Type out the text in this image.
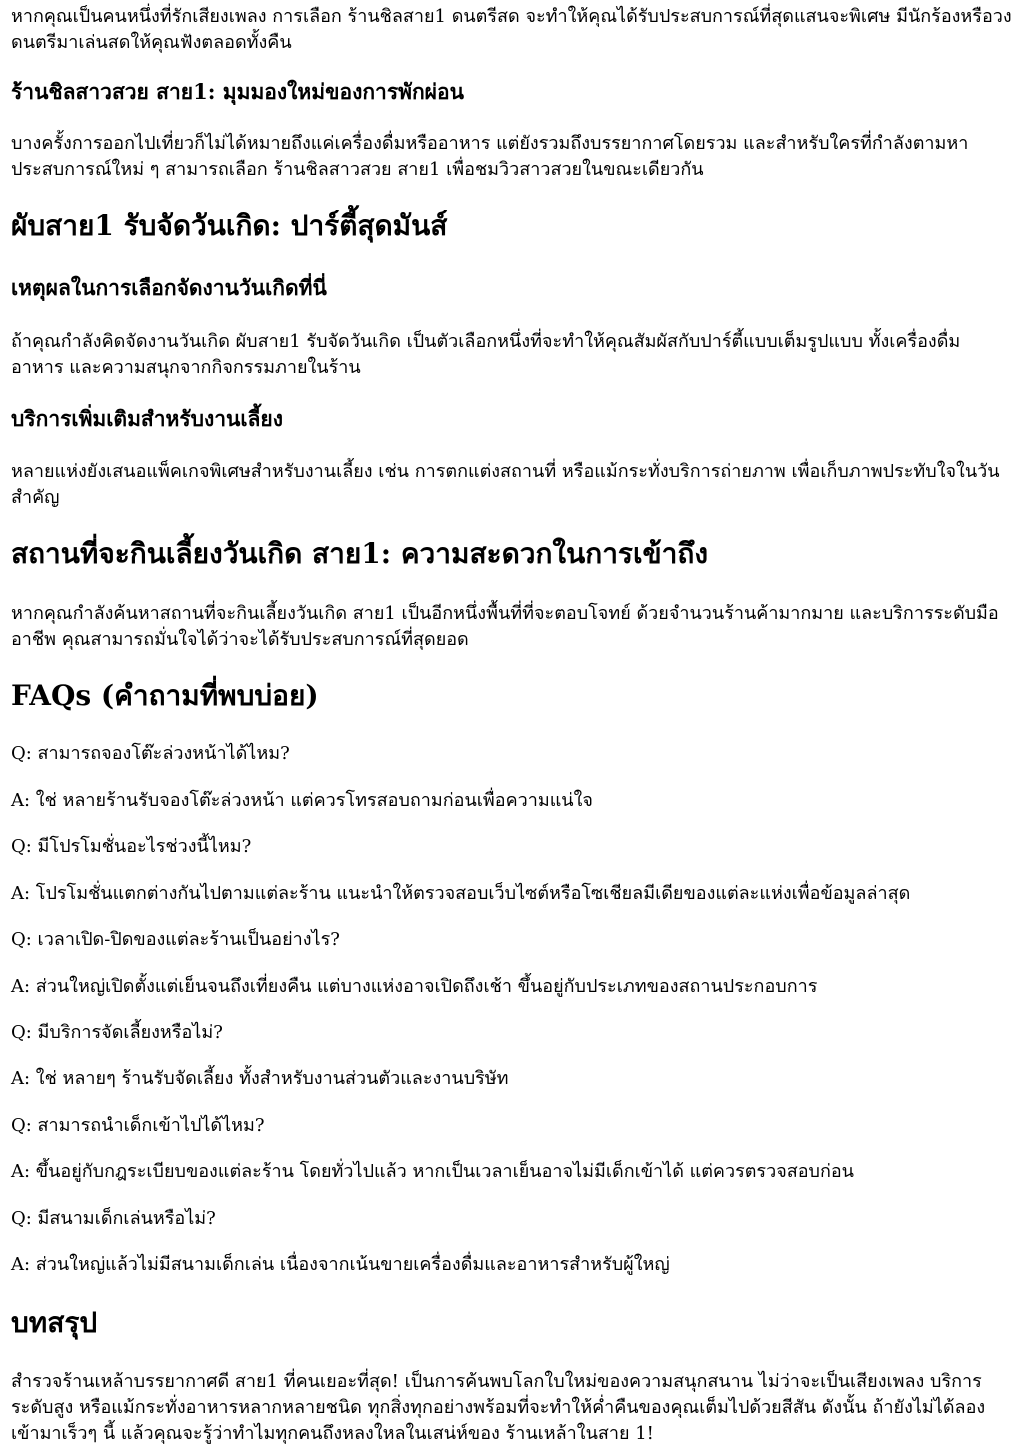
หากคุณเป็นคนหนึ่งที่รักเสียงเพลง การเลือก ร้านชิลสาย1 ดนตรีสด จะทำให้คุณได้รับประสบการณ์ที่สุดแสนจะพิเศษ มีนักร้องหรือวงดนตรีมาเล่นสดให้คุณฟังตลอดทั้งคืน

ร้านชิลสาวสวย สาย1: มุมมองใหม่ของการพักผ่อน

บางครั้งการออกไปเที่ยวก็ไม่ได้หมายถึงแค่เครื่องดื่มหรืออาหาร แต่ยังรวมถึงบรรยากาศโดยรวม และสำหรับใครที่กำลังตามหาประสบการณ์ใหม่ ๆ สามารถเลือก ร้านชิลสาวสวย สาย1 เพื่อชมวิวสาวสวยในขณะเดียวกัน

ผับสาย1 รับจัดวันเกิด: ปาร์ตี้สุดมันส์
เหตุผลในการเลือกจัดงานวันเกิดที่นี่

ถ้าคุณกำลังคิดจัดงานวันเกิด ผับสาย1 รับจัดวันเกิด เป็นตัวเลือกหนึ่งที่จะทำให้คุณสัมผัสกับปาร์ตี้แบบเต็มรูปแบบ ทั้งเครื่องดื่ม อาหาร และความสนุกจากกิจกรรมภายในร้าน

บริการเพิ่มเติมสำหรับงานเลี้ยง

หลายแห่งยังเสนอแพ็คเกจพิเศษสำหรับงานเลี้ยง เช่น การตกแต่งสถานที่ หรือแม้กระทั่งบริการถ่ายภาพ เพื่อเก็บภาพประทับใจในวันสำคัญ

สถานที่จะกินเลี้ยงวันเกิด สาย1: ความสะดวกในการเข้าถึง

หากคุณกำลังค้นหาสถานที่จะกินเลี้ยงวันเกิด สาย1 เป็นอีกหนึ่งพื้นที่ที่จะตอบโจทย์ ด้วยจำนวนร้านค้ามากมาย และบริการระดับมืออาชีพ คุณสามารถมั่นใจได้ว่าจะได้รับประสบการณ์ที่สุดยอด

FAQs (คำถามที่พบบ่อย)

Q: สามารถจองโต๊ะล่วงหน้าได้ไหม?

A: ใช่ หลายร้านรับจองโต๊ะล่วงหน้า แต่ควรโทรสอบถามก่อนเพื่อความแน่ใจ

Q: มีโปรโมชั่นอะไรช่วงนี้ไหม?

A: โปรโมชั่นแตกต่างกันไปตามแต่ละร้าน แนะนำให้ตรวจสอบเว็บไซต์หรือโซเชียลมีเดียของแต่ละแห่งเพื่อข้อมูลล่าสุด

Q: เวลาเปิด-ปิดของแต่ละร้านเป็นอย่างไร?

A: ส่วนใหญ่เปิดตั้งแต่เย็นจนถึงเที่ยงคืน แต่บางแห่งอาจเปิดถึงเช้า ขึ้นอยู่กับประเภทของสถานประกอบการ

Q: มีบริการจัดเลี้ยงหรือไม่?

A: ใช่ หลายๆ ร้านรับจัดเลี้ยง ทั้งสำหรับงานส่วนตัวและงานบริษัท

Q: สามารถนำเด็กเข้าไปได้ไหม?

A: ขึ้นอยู่กับกฎระเบียบของแต่ละร้าน โดยทั่วไปแล้ว หากเป็นเวลาเย็นอาจไม่มีเด็กเข้าได้ แต่ควรตรวจสอบก่อน

Q: มีสนามเด็กเล่นหรือไม่?

A: ส่วนใหญ่แล้วไม่มีสนามเด็กเล่น เนื่องจากเน้นขายเครื่องดื่มและอาหารสำหรับผู้ใหญ่

บทสรุป

สำรวจร้านเหล้าบรรยากาศดี สาย1 ที่คนเยอะที่สุด! เป็นการค้นพบโลกใบใหม่ของความสนุกสนาน ไม่ว่าจะเป็นเสียงเพลง บริการระดับสูง หรือแม้กระทั่งอาหารหลากหลายชนิด ทุกสิ่งทุกอย่างพร้อมที่จะทำให้ค่ำคืนของคุณเต็มไปด้วยสีสัน ดังนั้น ถ้ายังไม่ได้ลอง เข้ามาเร็วๆ นี้ แล้วคุณจะรู้ว่าทำไมทุกคนถึงหลงใหลในเสน่ห์ของ ร้านเหล้าในสาย 1!
